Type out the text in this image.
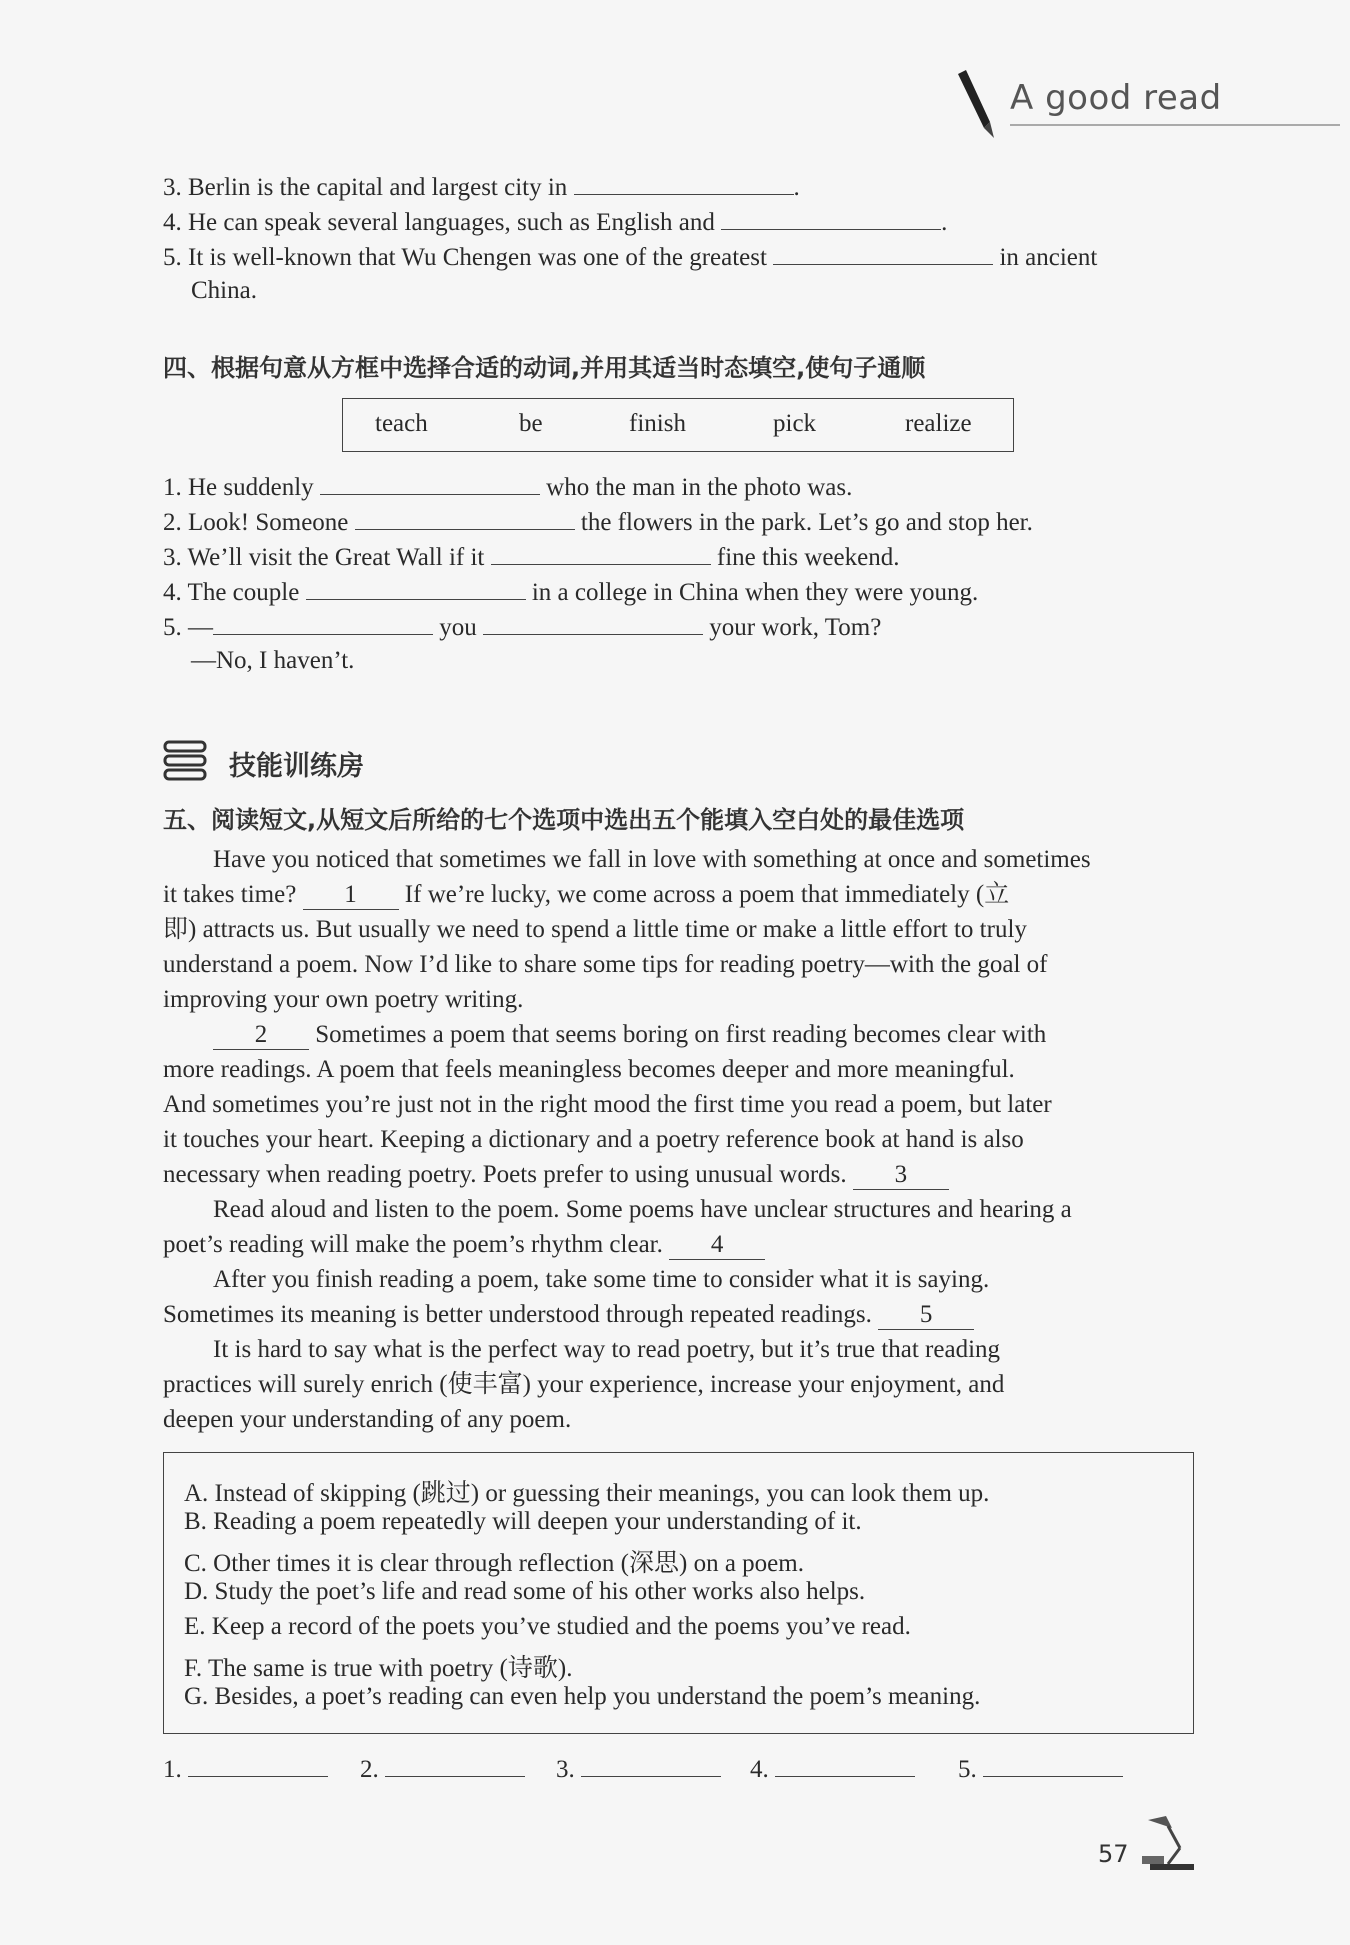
A good read
3. Berlin is the capital and largest city in	.
4. He can speak several languages, such as English and	.
5. It is well-known that Wu Chengen was one of the greatest	in ancient
China.
四、根据句意从方框中选择合适的动词,并用其适当时态填空,使句子通顺
teach	be	finish	pick	realize
1. He suddenly	who the man in the photo was.
2. Look! Someone	the flowers in the park. Let’s go and stop her.
3. We’ll visit the Great Wall if it	fine this weekend.
4. The couple	in a college in China when they were young.
5. —	you	your work, Tom?
—No, I haven’t.
技能训练房
五、阅读短文,从短文后所给的七个选项中选出五个能填入空白处的最佳选项
Have you noticed that sometimes we fall in love with something at once and sometimes
it takes time? 1 If we’re lucky, we come across a poem that immediately (立
即) attracts us. But usually we need to spend a little time or make a little effort to truly
understand a poem. Now I’d like to share some tips for reading poetry—with the goal of
improving your own poetry writing.
2 Sometimes a poem that seems boring on first reading becomes clear with
more readings. A poem that feels meaningless becomes deeper and more meaningful.
And sometimes you’re just not in the right mood the first time you read a poem, but later
it touches your heart. Keeping a dictionary and a poetry reference book at hand is also
necessary when reading poetry. Poets prefer to using unusual words. 3
Read aloud and listen to the poem. Some poems have unclear structures and hearing a
poet’s reading will make the poem’s rhythm clear. 4
After you finish reading a poem, take some time to consider what it is saying.
Sometimes its meaning is better understood through repeated readings. 5
It is hard to say what is the perfect way to read poetry, but it’s true that reading
practices will surely enrich (使丰富) your experience, increase your enjoyment, and
deepen your understanding of any poem.
A. Instead of skipping (跳过) or guessing their meanings, you can look them up.
B. Reading a poem repeatedly will deepen your understanding of it.
C. Other times it is clear through reflection (深思) on a poem.
D. Study the poet’s life and read some of his other works also helps.
E. Keep a record of the poets you’ve studied and the poems you’ve read.
F. The same is true with poetry (诗歌).
G. Besides, a poet’s reading can even help you understand the poem’s meaning.
1.	2.	3.	4.	5.
57
